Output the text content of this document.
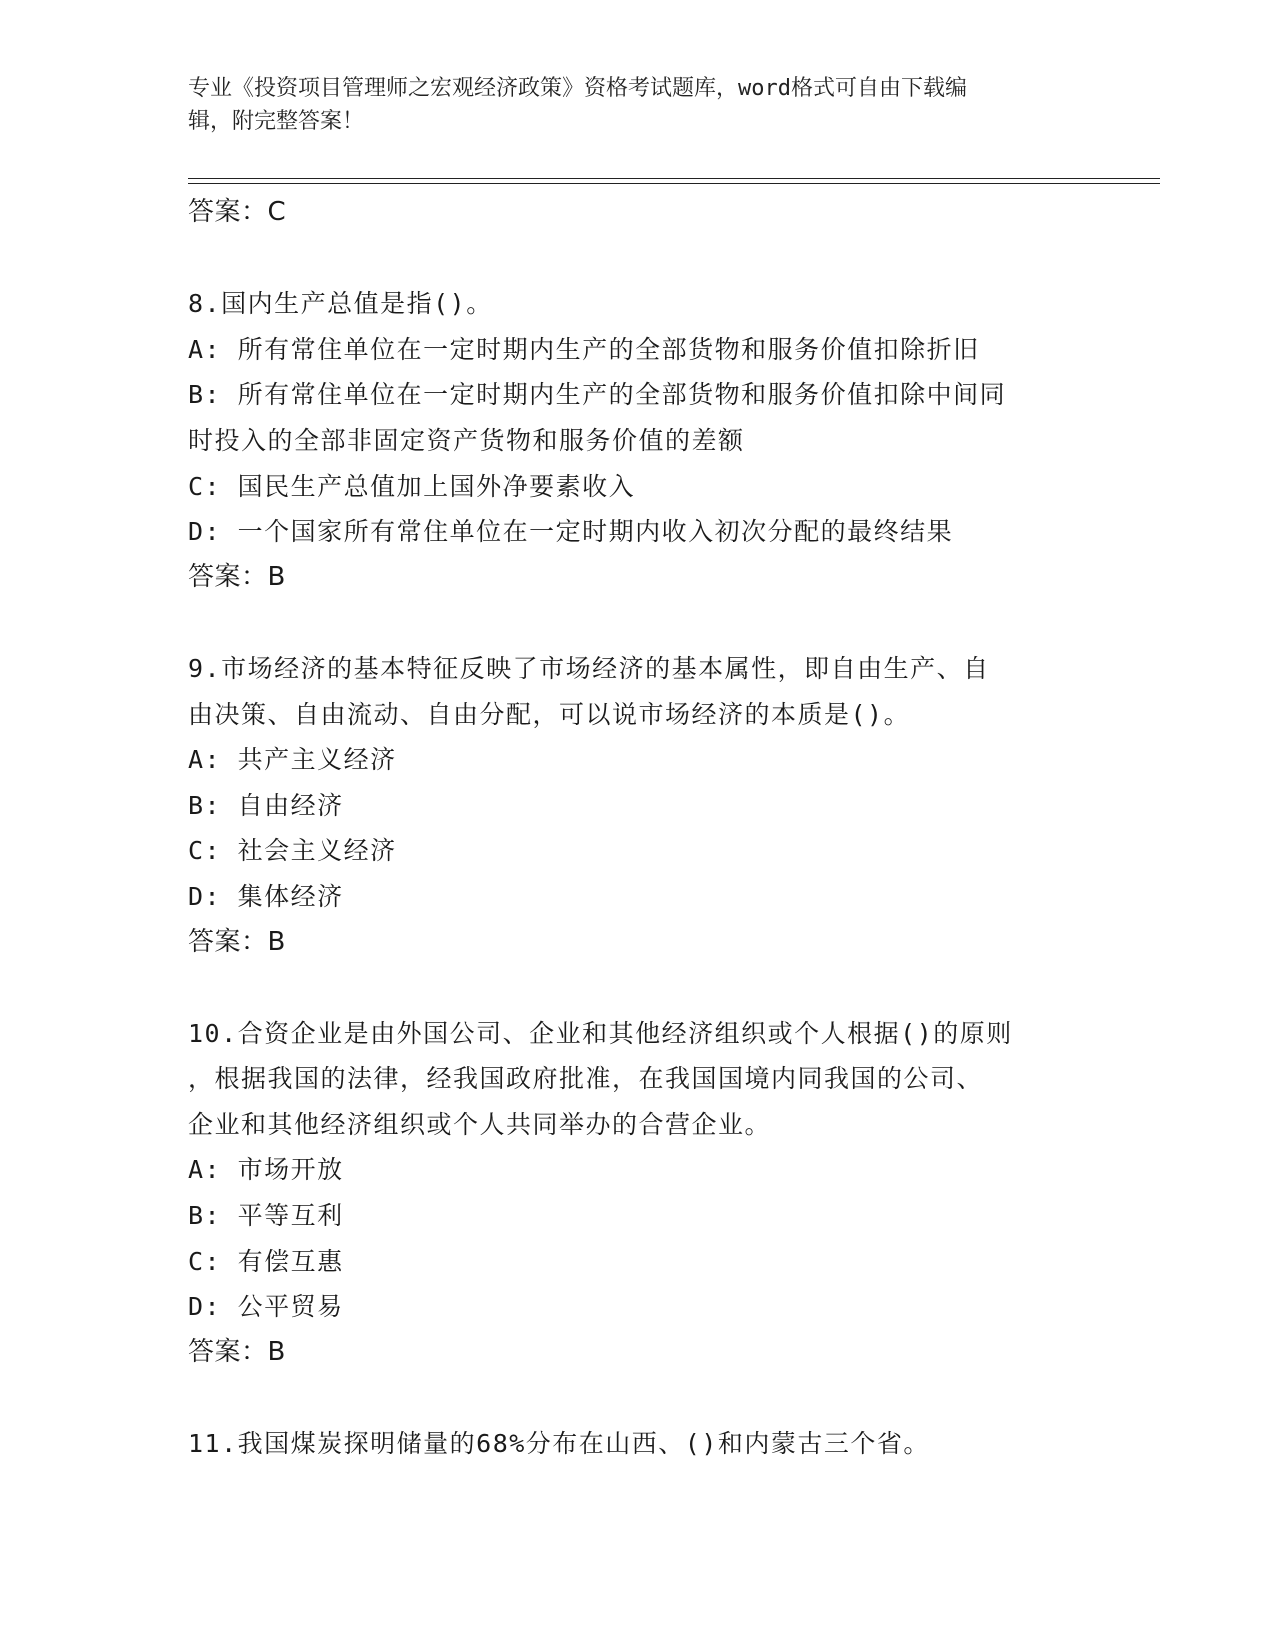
专业《投资项目管理师之宏观经济政策》资格考试题库，word格式可自由下载编
辑，附完整答案！
答案：C
8.国内生产总值是指()。
A: 所有常住单位在一定时期内生产的全部货物和服务价值扣除折旧
B: 所有常住单位在一定时期内生产的全部货物和服务价值扣除中间同
时投入的全部非固定资产货物和服务价值的差额
C: 国民生产总值加上国外净要素收入
D: 一个国家所有常住单位在一定时期内收入初次分配的最终结果
答案：B
9.市场经济的基本特征反映了市场经济的基本属性，即自由生产、自
由决策、自由流动、自由分配，可以说市场经济的本质是()。
A: 共产主义经济
B: 自由经济
C: 社会主义经济
D: 集体经济
答案：B
10.合资企业是由外国公司、企业和其他经济组织或个人根据()的原则
，根据我国的法律，经我国政府批准，在我国国境内同我国的公司、
企业和其他经济组织或个人共同举办的合营企业。
A: 市场开放
B: 平等互利
C: 有偿互惠
D: 公平贸易
答案：B
11.我国煤炭探明储量的68%分布在山西、()和内蒙古三个省。
